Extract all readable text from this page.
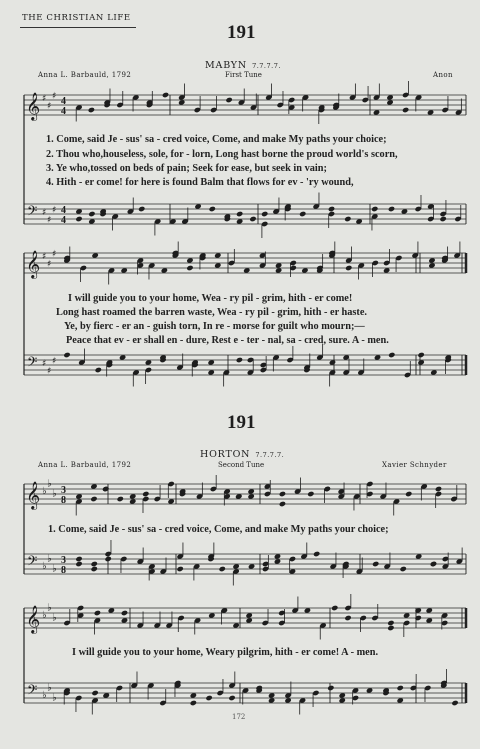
THE CHRISTIAN LIFE
191
MABYN 7.7.7.7.
Anna L. Barbauld, 1792	First Tune	Anon
1. Come, said Je - sus' sa - cred voice, Come, and make My paths your choice;
2. Thou who,houseless, sole, for - lorn, Long hast borne the proud world's scorn,
3. Ye who,tossed on beds of pain; Seek for ease, but seek in vain;
4. Hith - er come! for here is found Balm that flows for ev - 'ry wound,
I will guide you to your home, Wea - ry pil - grim, hith - er come!
Long hast roamed the barren waste, Wea - ry pil - grim, hith - er haste.
Ye, by fierc - er an - guish torn, In re - morse for guilt who mourn;—
Peace that ev - er shall en - dure, Rest e - ter - nal, sa - cred, sure. A - men.
191
HORTON 7.7.7.7.
Anna L. Barbauld, 1792	Second Tune	Xavier Schnyder
1. Come, said Je - sus' sa - cred voice, Come, and make My paths your choice;
I will guide you to your home, Weary pilgrim, hith - er come! A - men.
172
𝄞
𝄢
♯
♯
♯
♯
♯
♯
4
4
4
4
𝄞
𝄢
♯
♯
♯
♯
♯
♯
𝄞
𝄢
♭
♭
♭
♭
♭
♭
3
8
3
8
𝄞
𝄢
♭
♭
♭
♭
♭
♭
